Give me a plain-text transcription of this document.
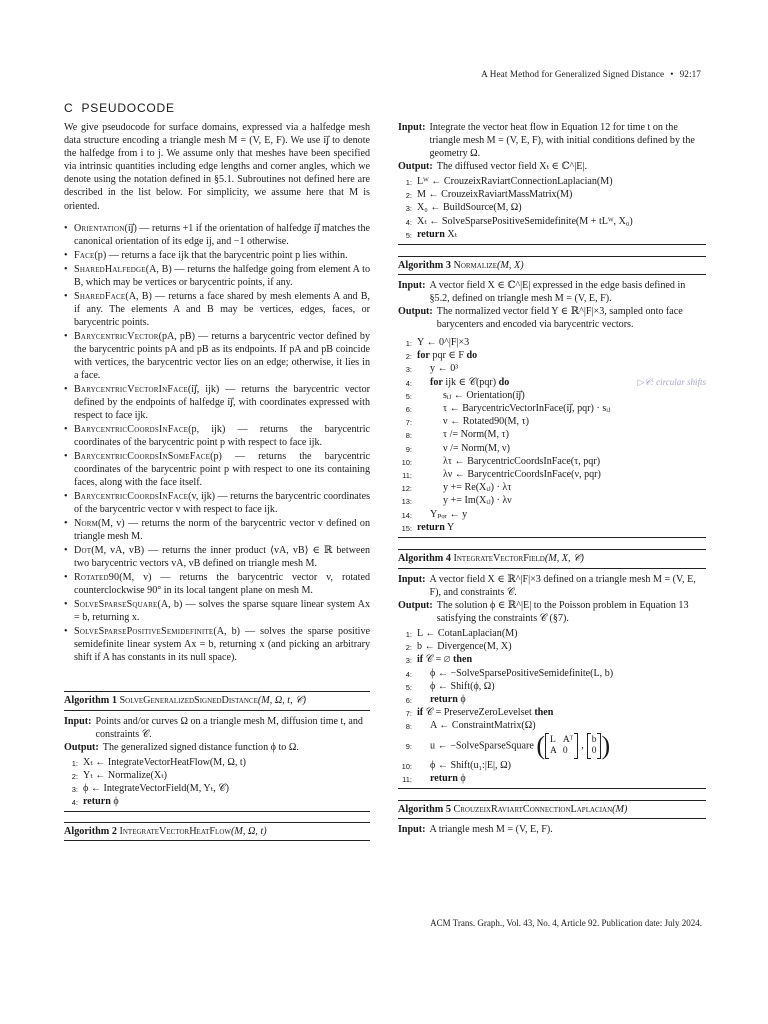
A Heat Method for Generalized Signed Distance • 92:17
C PSEUDOCODE

We give pseudocode for surface domains, expressed via a halfedge mesh data structure encoding a triangle mesh M = (V, E, F). We use ij⃗ to denote the halfedge from i to j. We assume only that meshes have been specified via intrinsic quantities including edge lengths and corner angles, which we denote using the notation defined in §5.1. Subroutines not defined here are described in the list below. For simplicity, we assume here that M is oriented.

• Orientation(ij⃗) — returns +1 if the orientation of halfedge ij⃗ matches the canonical orientation of its edge ij, and −1 otherwise.
• Face(p) — returns a face ijk that the barycentric point p lies within.
• SharedHalfedge(A, B) — returns the halfedge going from element A to B, which may be vertices or barycentric points, if any.
• SharedFace(A, B) — returns a face shared by mesh elements A and B, if any. The elements A and B may be vertices, edges, faces, or barycentric points.
• BarycentricVector(pA, pB) — returns a barycentric vector defined by the barycentric points pA and pB as its endpoints. If pA and pB coincide with vertices, the barycentric vector lies on an edge; otherwise, it lies in a face.
• BarycentricVectorInFace(ij⃗, ijk) — returns the barycentric vector defined by the endpoints of halfedge ij⃗, with coordinates expressed with respect to face ijk.
• BarycentricCoordsInFace(p, ijk) — returns the barycentric coordinates of the barycentric point p with respect to face ijk.
• BarycentricCoordsInSomeFace(p) — returns the barycentric coordinates of the barycentric point p with respect to one its containing faces, along with the face itself.
• BarycentricCoordsInFace(v, ijk) — returns the barycentric coordinates of the barycentric vector v with respect to face ijk.
• Norm(M, v) — returns the norm of the barycentric vector v defined on triangle mesh M.
• Dot(M, vA, vB) — returns the inner product ⟨vA, vB⟩ ∈ ℝ between two barycentric vectors vA, vB defined on triangle mesh M.
• Rotated90(M, v) — returns the barycentric vector v, rotated counterclockwise 90° in its local tangent plane on mesh M.
• SolveSparseSquare(A, b) — solves the sparse square linear system Ax = b, returning x.
• SolveSparsePositiveSemidefinite(A, b) — solves the sparse positive semidefinite linear system Ax = b, returning x (and picking an arbitrary shift if A has constants in its null space).
Algorithm 1 SolveGeneralizedSignedDistance(M, Ω, t, 𝒞)
Input: Points and/or curves Ω on a triangle mesh M, diffusion time t, and constraints 𝒞.
Output: The generalized signed distance function ϕ to Ω.
1: Xₜ ← IntegrateVectorHeatFlow(M, Ω, t)
2: Yₜ ← Normalize(Xₜ)
3: ϕ ← IntegrateVectorField(M, Yₜ, 𝒞)
4: return ϕ
Algorithm 2 IntegrateVectorHeatFlow(M, Ω, t)
Input: Integrate the vector heat flow in Equation 12 for time t on the triangle mesh M = (V, E, F), with initial conditions defined by the geometry Ω.
Output: The diffused vector field Xₜ ∈ ℂ^|E|.
1: Lᵂ ← CrouzeixRaviartConnectionLaplacian(M)
2: M ← CrouzeixRaviartMassMatrix(M)
3: X₀ ← BuildSource(M, Ω)
4: Xₜ ← SolveSparsePositiveSemidefinite(M + tLᵂ, X₀)
5: return Xₜ
Algorithm 3 Normalize(M, X)
Input: A vector field X ∈ ℂ^|E| expressed in the edge basis defined in §5.2, defined on triangle mesh M = (V, E, F).
Output: The normalized vector field Y ∈ ℝ^|F|×3, sampled onto face barycenters and encoded via barycentric vectors.
1: Y ← 0^|F|×3
2: for pqr ∈ F do
3:	y ← 0³
4:	for ijk ∈ 𝒞(pqr) do	▷𝒞: circular shifts
5:	sᵢⱼ ← Orientation(ij⃗)
6:	τ ← BarycentricVectorInFace(ij⃗, pqr) · sᵢⱼ
7:	ν ← Rotated90(M, τ)
8:	τ /= Norm(M, τ)
9:	ν /= Norm(M, ν)
10:	λτ ← BarycentricCoordsInFace(τ, pqr)
11:	λν ← BarycentricCoordsInFace(ν, pqr)
12:	y += Re(Xᵢⱼ) · λτ
13:	y += Im(Xᵢⱼ) · λν
14:	Yₚᵩᵣ ← y
15: return Y
Algorithm 4 IntegrateVectorField(M, X, 𝒞)
Input: A vector field X ∈ ℝ^|F|×3 defined on a triangle mesh M = (V, E, F), and constraints 𝒞.
Output: The solution ϕ ∈ ℝ^|E| to the Poisson problem in Equation 13 satisfying the constraints 𝒞 (§7).
1: L ← CotanLaplacian(M)
2: b ← Divergence(M, X)
3: if 𝒞 = ∅ then
4:	ϕ ← −SolveSparsePositiveSemidefinite(L, b)
5:	ϕ ← Shift(ϕ, Ω)
6:	return ϕ
7: if 𝒞 = PreserveZeroLevelset then
8:	A ← ConstraintMatrix(Ω)
9:	u ← −SolveSparseSquare ( L Aᵀ
A 0	, b
0 )
10:	ϕ ← Shift(u₁:|E|, Ω)
11:	return ϕ
Algorithm 5 CrouzeixRaviartConnectionLaplacian(M)
Input: A triangle mesh M = (V, E, F).
ACM Trans. Graph., Vol. 43, No. 4, Article 92. Publication date: July 2024.
